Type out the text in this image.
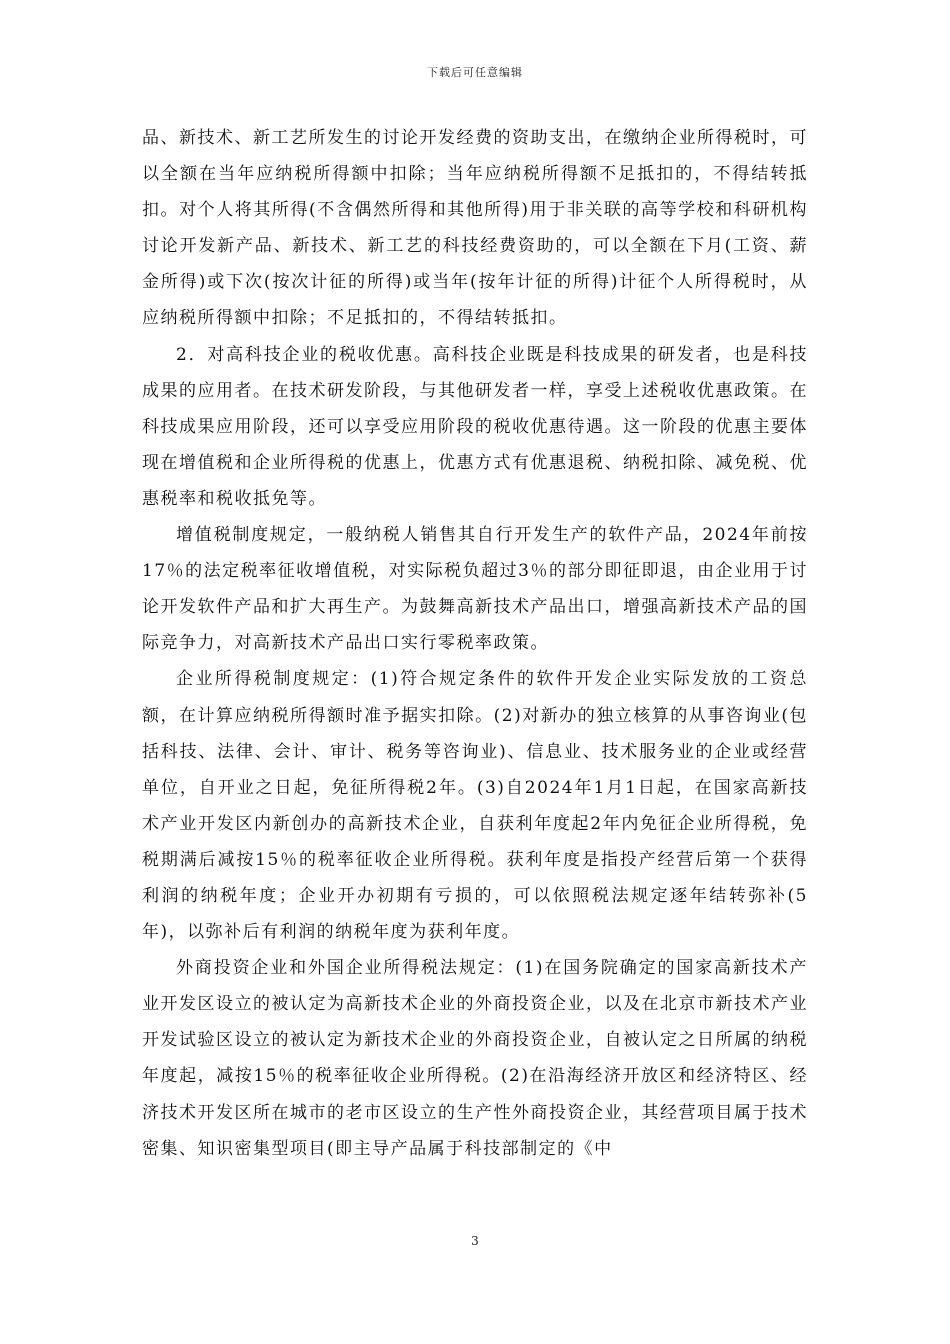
下载后可任意编辑

品、新技术、新工艺所发生的讨论开发经费的资助支出，在缴纳企业所得税时，可以全额在当年应纳税所得额中扣除；当年应纳税所得额不足抵扣的，不得结转抵扣。对个人将其所得(不含偶然所得和其他所得)用于非关联的高等学校和科研机构讨论开发新产品、新技术、新工艺的科技经费资助的，可以全额在下月(工资、薪金所得)或下次(按次计征的所得)或当年(按年计征的所得)计征个人所得税时，从应纳税所得额中扣除；不足抵扣的，不得结转抵扣。

2．对高科技企业的税收优惠。高科技企业既是科技成果的研发者，也是科技成果的应用者。在技术研发阶段，与其他研发者一样，享受上述税收优惠政策。在科技成果应用阶段，还可以享受应用阶段的税收优惠待遇。这一阶段的优惠主要体现在增值税和企业所得税的优惠上，优惠方式有优惠退税、纳税扣除、减免税、优惠税率和税收抵免等。

增值税制度规定，一般纳税人销售其自行开发生产的软件产品，2024年前按17％的法定税率征收增值税，对实际税负超过3％的部分即征即退，由企业用于讨论开发软件产品和扩大再生产。为鼓舞高新技术产品出口，增强高新技术产品的国际竞争力，对高新技术产品出口实行零税率政策。

企业所得税制度规定：(1)符合规定条件的软件开发企业实际发放的工资总额，在计算应纳税所得额时准予据实扣除。(2)对新办的独立核算的从事咨询业(包括科技、法律、会计、审计、税务等咨询业)、信息业、技术服务业的企业或经营单位，自开业之日起，免征所得税2年。(3)自2024年1月1日起，在国家高新技术产业开发区内新创办的高新技术企业，自获利年度起2年内免征企业所得税，免税期满后减按15％的税率征收企业所得税。获利年度是指投产经营后第一个获得利润的纳税年度；企业开办初期有亏损的，可以依照税法规定逐年结转弥补(5年)，以弥补后有利润的纳税年度为获利年度。

外商投资企业和外国企业所得税法规定：(1)在国务院确定的国家高新技术产业开发区设立的被认定为高新技术企业的外商投资企业，以及在北京市新技术产业开发试验区设立的被认定为新技术企业的外商投资企业，自被认定之日所属的纳税年度起，减按15％的税率征收企业所得税。(2)在沿海经济开放区和经济特区、经济技术开发区所在城市的老市区设立的生产性外商投资企业，其经营项目属于技术密集、知识密集型项目(即主导产品属于科技部制定的《中

3
